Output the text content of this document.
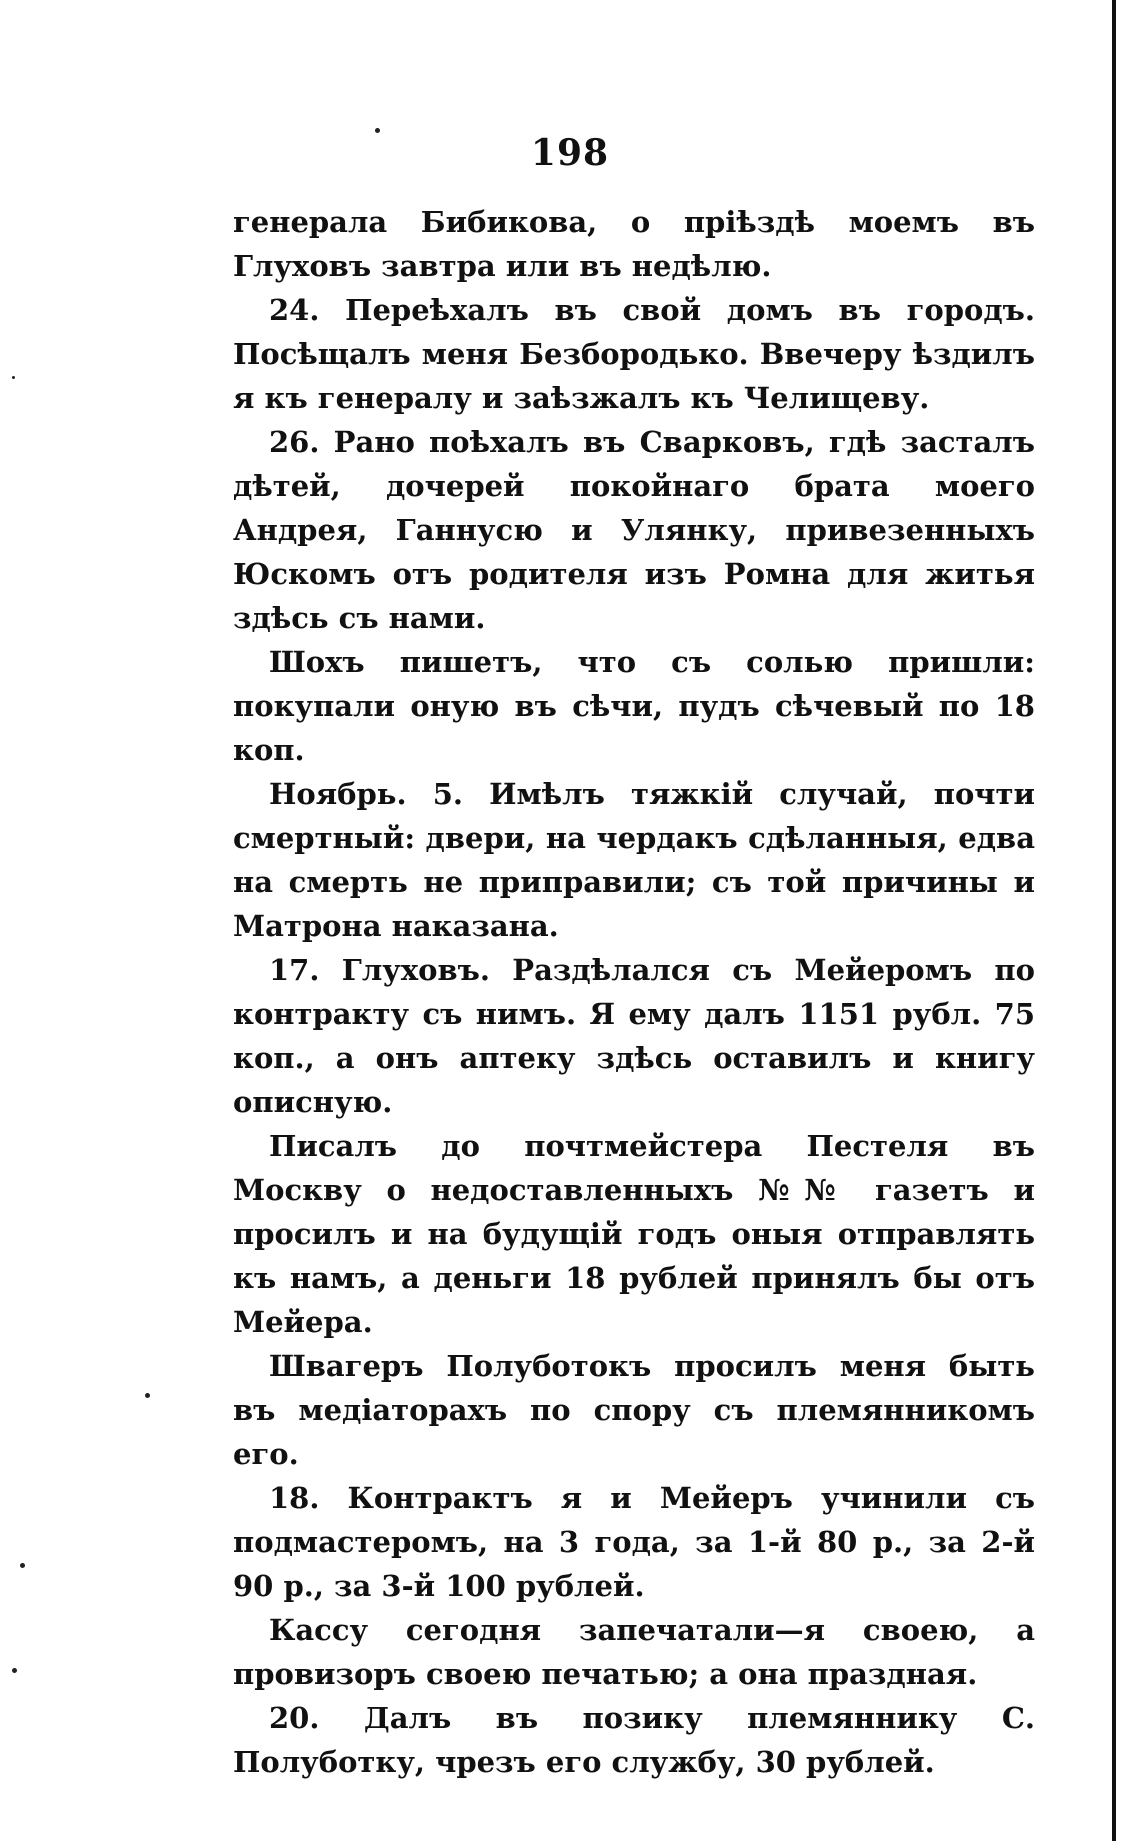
198

генерала Бибикова, о прiѣздѣ моемъ въ Глуховъ завтра или въ недѣлю.

24. Переѣхалъ въ свой домъ въ городъ. Посѣщалъ меня Безбородько. Ввечеру ѣздилъ я къ генералу и заѣзжалъ къ Челищеву.

26. Рано поѣхалъ въ Сварковъ, гдѣ засталъ дѣтей, дочерей покойнаго брата моего Андрея, Ганнусю и Улянку, привезенныхъ Юскомъ отъ родителя изъ Ромна для житья здѣсь съ нами.

Шохъ пишетъ, что съ солью пришли: покупали оную въ сѣчи, пудъ сѣчевый по 18 коп.

Нoябрь. 5. Имѣлъ тяжкiй случай, почти смертный: двери, на чердакъ сдѣланныя, едва на смерть не приправили; съ той причины и Матрона наказана.

17. Глуховъ. Раздѣлался съ Мейеромъ по контракту съ нимъ. Я ему далъ 1151 рубл. 75 коп., а онъ аптеку здѣсь оставилъ и книгу описную.

Писалъ до почтмейстера Пестеля въ Москву о недоставленныхъ №№ газетъ и просилъ и на будущiй годъ оныя отправлять къ намъ, а деньги 18 рублей принялъ бы отъ Мейера.

Швагеръ Полуботокъ просилъ меня быть въ медiаторахъ по спору съ племянникомъ его.

18. Контрактъ я и Мейеръ учинили съ подмастеромъ, на 3 года, за 1-й 80 р., за 2-й 90 р., за 3-й 100 рублей.

Кассу сегодня запечатали—я своею, а провизоръ своею печатью; а она праздная.

20. Далъ въ позику племяннику С. Полуботку, чрезъ его службу, 30 рублей.
